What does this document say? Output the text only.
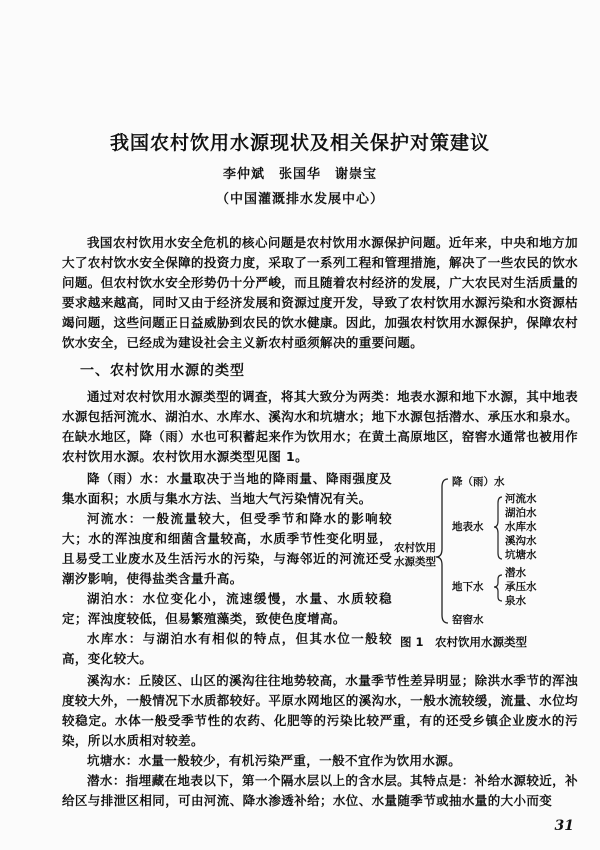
我国农村饮用水源现状及相关保护对策建议
李仲斌　张国华　谢崇宝
（中国灌溉排水发展中心）

我国农村饮用水安全危机的核心问题是农村饮用水源保护问题。近年来，中央和地方加大了农村饮水安全保障的投资力度，采取了一系列工程和管理措施，解决了一些农民的饮水问题。但农村饮水安全形势仍十分严峻，而且随着农村经济的发展，广大农民对生活质量的要求越来越高，同时又由于经济发展和资源过度开发，导致了农村饮用水源污染和水资源枯竭问题，这些问题正日益威胁到农民的饮水健康。因此，加强农村饮用水源保护，保障农村饮水安全，已经成为建设社会主义新农村亟须解决的重要问题。

一、农村饮用水源的类型

通过对农村饮用水源类型的调查，将其大致分为两类：地表水源和地下水源，其中地表水源包括河流水、湖泊水、水库水、溪沟水和坑塘水；地下水源包括潜水、承压水和泉水。在缺水地区，降（雨）水也可积蓄起来作为饮用水；在黄土高原地区，窑窖水通常也被用作农村饮用水源。农村饮用水源类型见图 1。

降（雨）水：水量取决于当地的降雨量、降雨强度及集水面积；水质与集水方法、当地大气污染情况有关。

河流水：一般流量较大，但受季节和降水的影响较大；水的浑浊度和细菌含量较高，水质季节性变化明显，且易受工业废水及生活污水的污染，与海邻近的河流还受潮汐影响，使得盐类含量升高。

湖泊水：水位变化小，流速缓慢，水量、水质较稳定；浑浊度较低，但易繁殖藻类，致使色度增高。

水库水：与湖泊水有相似的特点，但其水位一般较高，变化较大。

农村饮用
水源类型
降（雨）水
地表水
河流水
湖泊水
水库水
溪沟水
坑塘水
地下水
潜水
承压水
泉水
窑窖水
图 1　农村饮用水源类型

溪沟水：丘陵区、山区的溪沟往往地势较高，水量季节性差异明显；除洪水季节的浑浊度较大外，一般情况下水质都较好。平原水网地区的溪沟水，一般水流较缓，流量、水位均较稳定。水体一般受季节性的农药、化肥等的污染比较严重，有的还受乡镇企业废水的污染，所以水质相对较差。

坑塘水：水量一般较少，有机污染严重，一般不宜作为饮用水源。

潜水：指埋藏在地表以下，第一个隔水层以上的含水层。其特点是：补给水源较近，补给区与排泄区相同，可由河流、降水渗透补给；水位、水量随季节或抽水量的大小而变

31
